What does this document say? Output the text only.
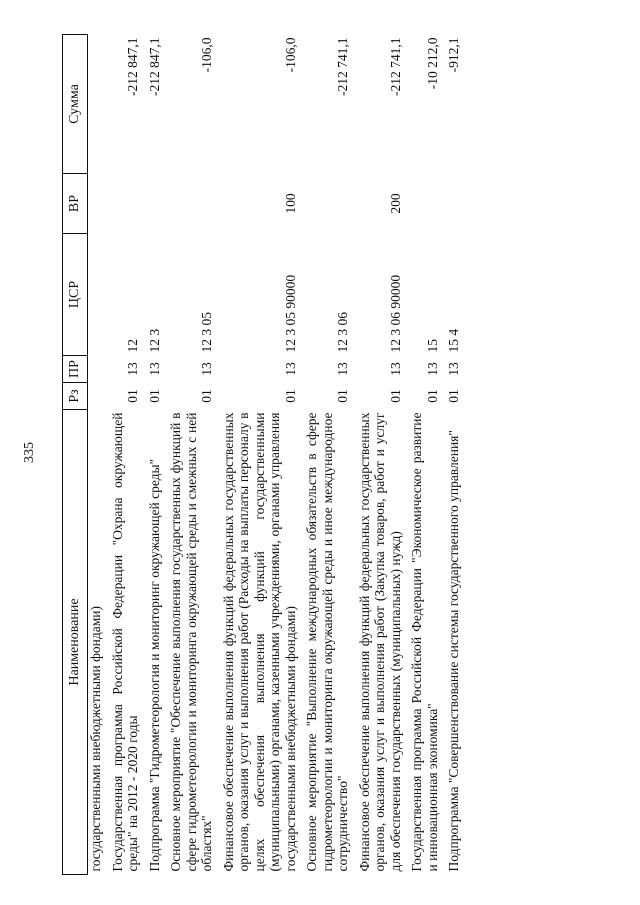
335
Наименование	Рз	ПР	ЦСР	ВР	Сумма
государственными внебюджетными фондами)					
Государственная программа Российской Федерации "Охрана окружающей среды" на 2012 - 2020 годы	01	13	12		-212 847,1
Подпрограмма "Гидрометеорология и мониторинг окружающей среды"	01	13	12 3		-212 847,1
Основное мероприятие "Обеспечение выполнения государственных функций в сфере гидрометеорологии и мониторинга окружающей среды и смежных с ней областях"	01	13	12 3 05		-106,0
Финансовое обеспечение выполнения функций федеральных государственных органов, оказания услуг и выполнения работ (Расходы на выплаты персоналу в целях обеспечения выполнения функций государственными (муниципальными) органами, казенными учреждениями, органами управления государственными внебюджетными фондами)	01	13	12 3 05 90000	100	-106,0
Основное мероприятие "Выполнение международных обязательств в сфере гидрометеорологии и мониторинга окружающей среды и иное международное сотрудничество"	01	13	12 3 06		-212 741,1
Финансовое обеспечение выполнения функций федеральных государственных органов, оказания услуг и выполнения работ (Закупка товаров, работ и услуг для обеспечения государственных (муниципальных) нужд)	01	13	12 3 06 90000	200	-212 741,1
Государственная программа Российской Федерации "Экономическое развитие и инновационная экономика"	01	13	15		-10 212,0
Подпрограмма "Совершенствование системы государственного управления"	01	13	15 4		-912,1
